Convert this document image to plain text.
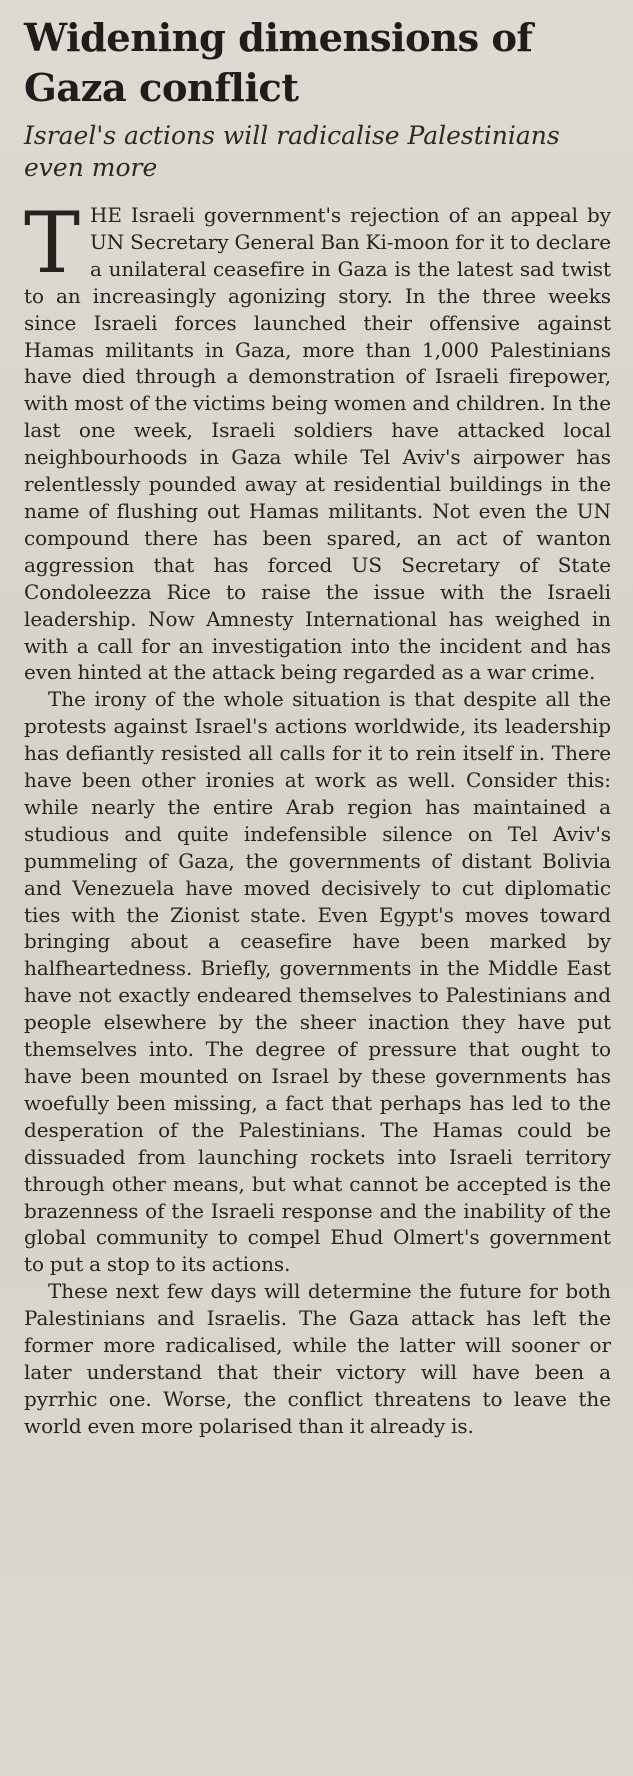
Widening dimensions of Gaza conflict

Israel's actions will radicalise Palestinians even more

THE Israeli government's rejection of an appeal by UN Secretary General Ban Ki-moon for it to declare a unilateral ceasefire in Gaza is the latest sad twist to an increasingly agonizing story. In the three weeks since Israeli forces launched their offensive against Hamas militants in Gaza, more than 1,000 Palestinians have died through a demonstration of Israeli firepower, with most of the victims being women and children. In the last one week, Israeli soldiers have attacked local neighbourhoods in Gaza while Tel Aviv's airpower has relentlessly pounded away at residential buildings in the name of flushing out Hamas militants. Not even the UN compound there has been spared, an act of wanton aggression that has forced US Secretary of State Condoleezza Rice to raise the issue with the Israeli leadership. Now Amnesty International has weighed in with a call for an investigation into the incident and has even hinted at the attack being regarded as a war crime.

The irony of the whole situation is that despite all the protests against Israel's actions worldwide, its leadership has defiantly resisted all calls for it to rein itself in. There have been other ironies at work as well. Consider this: while nearly the entire Arab region has maintained a studious and quite indefensible silence on Tel Aviv's pummeling of Gaza, the governments of distant Bolivia and Venezuela have moved decisively to cut diplomatic ties with the Zionist state. Even Egypt's moves toward bringing about a ceasefire have been marked by halfheartedness. Briefly, governments in the Middle East have not exactly endeared themselves to Palestinians and people elsewhere by the sheer inaction they have put themselves into. The degree of pressure that ought to have been mounted on Israel by these governments has woefully been missing, a fact that perhaps has led to the desperation of the Palestinians. The Hamas could be dissuaded from launching rockets into Israeli territory through other means, but what cannot be accepted is the brazenness of the Israeli response and the inability of the global community to compel Ehud Olmert's government to put a stop to its actions.

These next few days will determine the future for both Palestinians and Israelis. The Gaza attack has left the former more radicalised, while the latter will sooner or later understand that their victory will have been a pyrrhic one. Worse, the conflict threatens to leave the world even more polarised than it already is.
